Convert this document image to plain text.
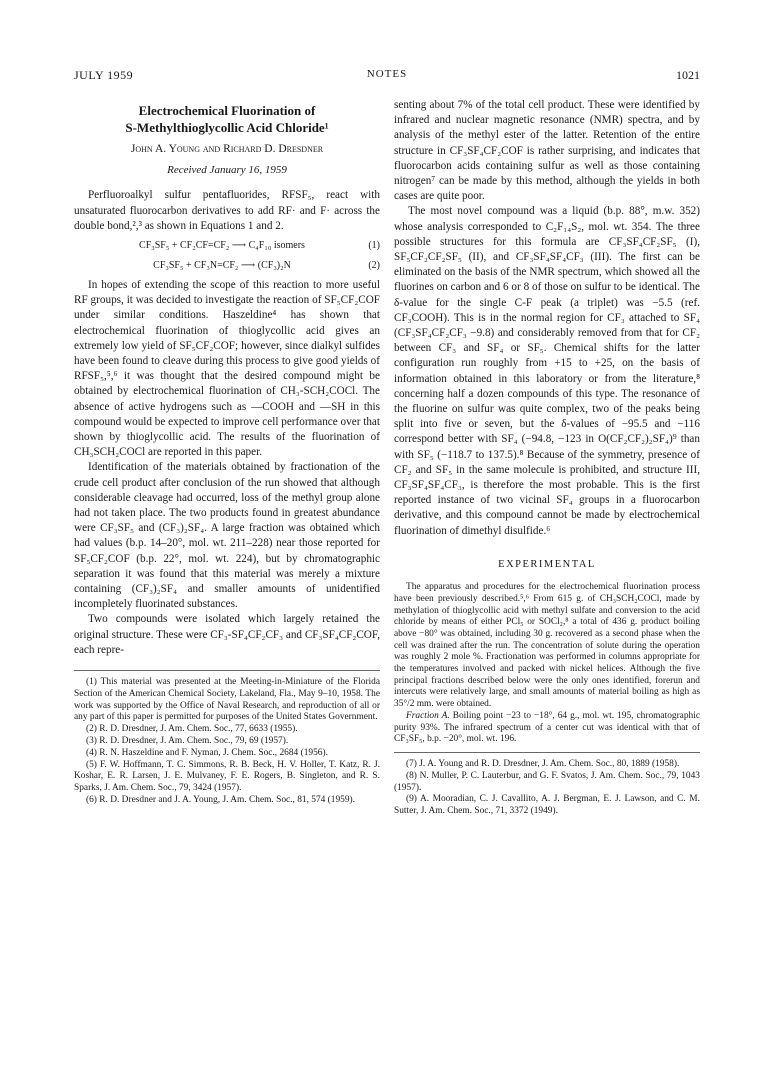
JULY 1959	NOTES	1021
Electrochemical Fluorination of
S-Methylthioglycollic Acid Chloride¹
John A. Young and Richard D. Dresdner
Received January 16, 1959

Perfluoroalkyl sulfur pentafluorides, RFSF₅, react with unsaturated fluorocarbon derivatives to add RF· and F· across the double bond,²,³ as shown in Equations 1 and 2.

CF₃SF₅ + CF₂CF=CF₂ ⟶ C₄F₁₀ isomers	(1)
CF₃SF₅ + CF₃N=CF₂ ⟶ (CF₃)₂N	(2)

In hopes of extending the scope of this reaction to more useful RF groups, it was decided to investigate the reaction of SF₅CF₂COF under similar conditions. Haszeldine⁴ has shown that electrochemical fluorination of thioglycollic acid gives an extremely low yield of SF₅CF₂COF; however, since dialkyl sulfides have been found to cleave during this process to give good yields of RFSF₅,⁵,⁶ it was thought that the desired compound might be obtained by electrochemical fluorination of CH₃-SCH₂COCl. The absence of active hydrogens such as —COOH and —SH in this compound would be expected to improve cell performance over that shown by thioglycollic acid. The results of the fluorination of CH₃SCH₂COCl are reported in this paper.

Identification of the materials obtained by fractionation of the crude cell product after conclusion of the run showed that although considerable cleavage had occurred, loss of the methyl group alone had not taken place. The two products found in greatest abundance were CF₃SF₅ and (CF₃)₂SF₄. A large fraction was obtained which had values (b.p. 14–20°, mol. wt. 211–228) near those reported for SF₅CF₂COF (b.p. 22°, mol. wt. 224), but by chromatographic separation it was found that this material was merely a mixture containing (CF₃)₂SF₄ and smaller amounts of unidentified incompletely fluorinated substances.

Two compounds were isolated which largely retained the original structure. These were CF₃-SF₄CF₂CF₃ and CF₃SF₄CF₂COF, each repre-

(1) This material was presented at the Meeting-in-Miniature of the Florida Section of the American Chemical Society, Lakeland, Fla., May 9–10, 1958. The work was supported by the Office of Naval Research, and reproduction of all or any part of this paper is permitted for purposes of the United States Government.

(2) R. D. Dresdner, J. Am. Chem. Soc., 77, 6633 (1955).

(3) R. D. Dresdner, J. Am. Chem. Soc., 79, 69 (1957).

(4) R. N. Haszeldine and F. Nyman, J. Chem. Soc., 2684 (1956).

(5) F. W. Hoffmann, T. C. Simmons, R. B. Beck, H. V. Holler, T. Katz, R. J. Koshar, E. R. Larsen, J. E. Mulvaney, F. E. Rogers, B. Singleton, and R. S. Sparks, J. Am. Chem. Soc., 79, 3424 (1957).

(6) R. D. Dresdner and J. A. Young, J. Am. Chem. Soc., 81, 574 (1959).

senting about 7% of the total cell product. These were identified by infrared and nuclear magnetic resonance (NMR) spectra, and by analysis of the methyl ester of the latter. Retention of the entire structure in CF₃SF₄CF₂COF is rather surprising, and indicates that fluorocarbon acids containing sulfur as well as those containing nitrogen⁷ can be made by this method, although the yields in both cases are quite poor.

The most novel compound was a liquid (b.p. 88°, m.w. 352) whose analysis corresponded to C₂F₁₄S₂, mol. wt. 354. The three possible structures for this formula are CF₃SF₄CF₂SF₅ (I), SF₅CF₂CF₂SF₅ (II), and CF₃SF₄SF₄CF₃ (III). The first can be eliminated on the basis of the NMR spectrum, which showed all the fluorines on carbon and 6 or 8 of those on sulfur to be identical. The δ-value for the single C-F peak (a triplet) was −5.5 (ref. CF₃COOH). This is in the normal region for CF₃ attached to SF₄ (CF₃SF₄CF₂CF₃ −9.8) and considerably removed from that for CF₂ between CF₃ and SF₄ or SF₅. Chemical shifts for the latter configuration run roughly from +15 to +25, on the basis of information obtained in this laboratory or from the literature,⁸ concerning half a dozen compounds of this type. The resonance of the fluorine on sulfur was quite complex, two of the peaks being split into five or seven, but the δ-values of −95.5 and −116 correspond better with SF₄ (−94.8, −123 in O(CF₂CF₂)₂SF₄)⁹ than with SF₅ (−118.7 to 137.5).⁸ Because of the symmetry, presence of CF₂ and SF₅ in the same molecule is prohibited, and structure III, CF₃SF₄SF₄CF₃, is therefore the most probable. This is the first reported instance of two vicinal SF₄ groups in a fluorocarbon derivative, and this compound cannot be made by electrochemical fluorination of dimethyl disulfide.⁶

EXPERIMENTAL

The apparatus and procedures for the electrochemical fluorination process have been previously described.⁵,⁶ From 615 g. of CH₃SCH₂COCl, made by methylation of thioglycollic acid with methyl sulfate and conversion to the acid chloride by means of either PCl₅ or SOCl₂,⁸ a total of 436 g. product boiling above −80° was obtained, including 30 g. recovered as a second phase when the cell was drained after the run. The concentration of solute during the operation was roughly 2 mole %. Fractionation was performed in columns appropriate for the temperatures involved and packed with nickel helices. Although the five principal fractions described below were the only ones identified, forerun and intercuts were relatively large, and small amounts of material boiling as high as 35°/2 mm. were obtained.

Fraction A. Boiling point −23 to −18°, 64 g., mol. wt. 195, chromatographic purity 93%. The infrared spectrum of a center cut was identical with that of CF₃SF₅, b.p. −20°, mol. wt. 196.

(7) J. A. Young and R. D. Dresdner, J. Am. Chem. Soc., 80, 1889 (1958).

(8) N. Muller, P. C. Lauterbur, and G. F. Svatos, J. Am. Chem. Soc., 79, 1043 (1957).

(9) A. Mooradian, C. J. Cavallito, A. J. Bergman, E. J. Lawson, and C. M. Sutter, J. Am. Chem. Soc., 71, 3372 (1949).
